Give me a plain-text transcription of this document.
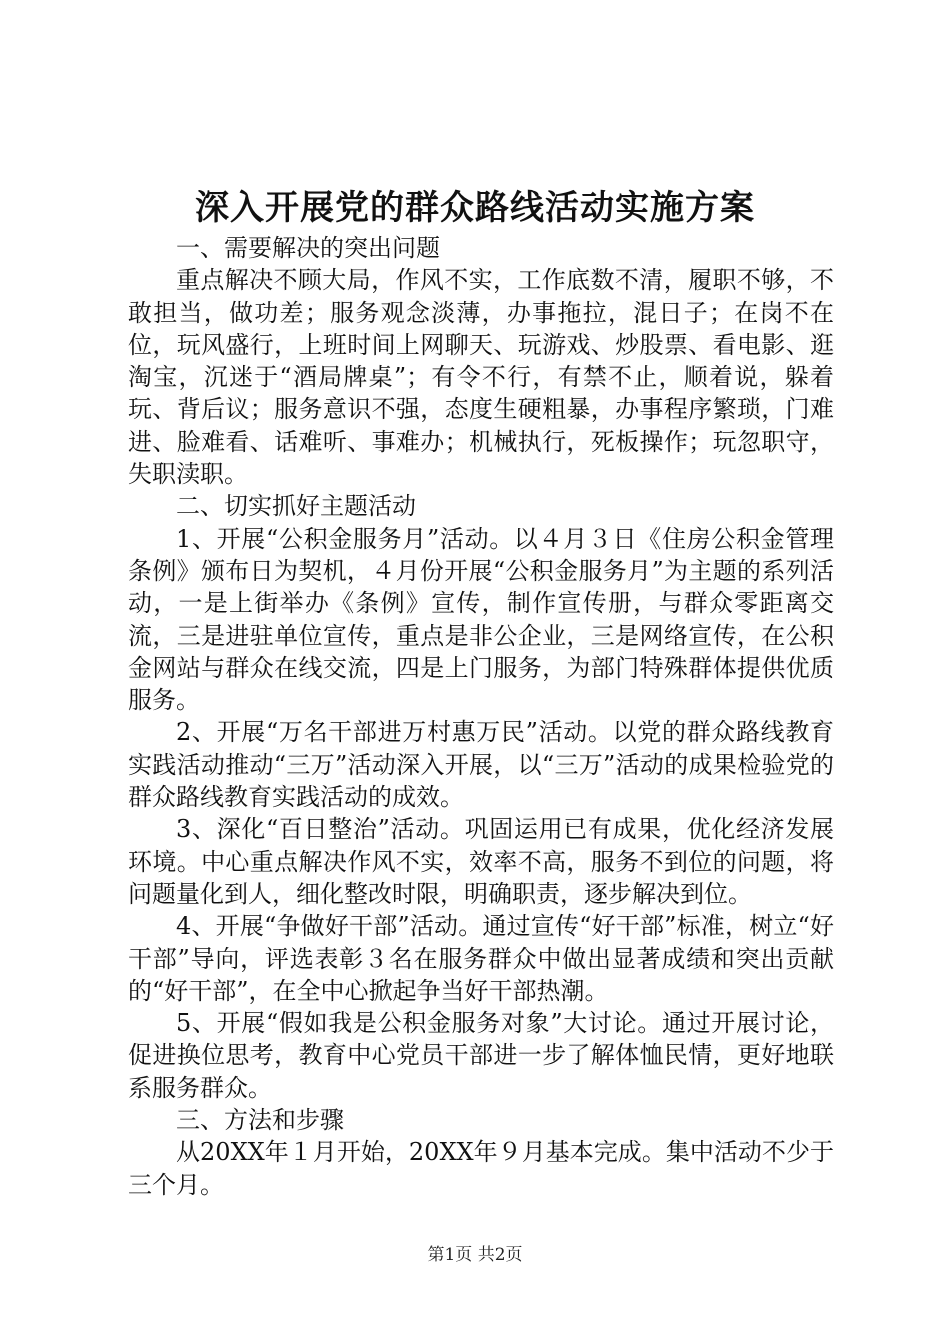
深入开展党的群众路线活动实施方案

一、需要解决的突出问题

重点解决不顾大局，作风不实，工作底数不清，履职不够，不敢担当，做功差；服务观念淡薄，办事拖拉，混日子；在岗不在位，玩风盛行，上班时间上网聊天、玩游戏、炒股票、看电影、逛淘宝，沉迷于“酒局牌桌”；有令不行，有禁不止，顺着说，躲着玩、背后议；服务意识不强，态度生硬粗暴，办事程序繁琐，门难进、脸难看、话难听、事难办；机械执行，死板操作；玩忽职守，失职渎职。

二、切实抓好主题活动

1、开展“公积金服务月”活动。以４月３日《住房公积金管理条例》颁布日为契机，４月份开展“公积金服务月”为主题的系列活动，一是上街举办《条例》宣传，制作宣传册，与群众零距离交流，三是进驻单位宣传，重点是非公企业，三是网络宣传，在公积金网站与群众在线交流，四是上门服务，为部门特殊群体提供优质服务。

2、开展“万名干部进万村惠万民”活动。以党的群众路线教育实践活动推动“三万”活动深入开展，以“三万”活动的成果检验党的群众路线教育实践活动的成效。

3、深化“百日整治”活动。巩固运用已有成果，优化经济发展环境。中心重点解决作风不实，效率不高，服务不到位的问题，将问题量化到人，细化整改时限，明确职责，逐步解决到位。

4、开展“争做好干部”活动。通过宣传“好干部”标准，树立“好干部”导向，评选表彰３名在服务群众中做出显著成绩和突出贡献的“好干部”，在全中心掀起争当好干部热潮。

5、开展“假如我是公积金服务对象”大讨论。通过开展讨论，促进换位思考，教育中心党员干部进一步了解体恤民情，更好地联系服务群众。

三、方法和步骤

从20XX年１月开始，20XX年９月基本完成。集中活动不少于三个月。

第1页 共2页
